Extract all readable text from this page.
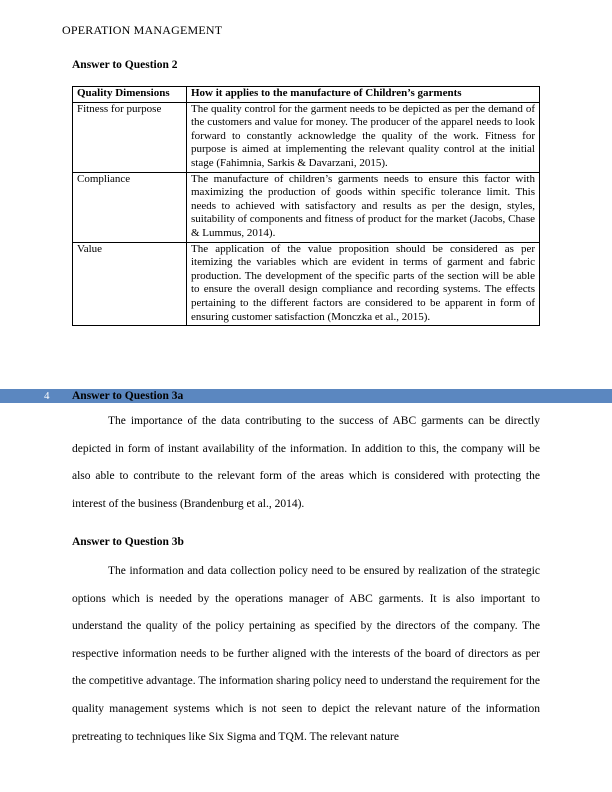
OPERATION MANAGEMENT
Answer to Question 2
Quality Dimensions	How it applies to the manufacture of Children’s garments
Fitness for purpose	The quality control for the garment needs to be depicted as per the demand of the customers and value for money. The producer of the apparel needs to look forward to constantly acknowledge the quality of the work. Fitness for purpose is aimed at implementing the relevant quality control at the initial stage (Fahimnia, Sarkis & Davarzani, 2015).
Compliance	The manufacture of children’s garments needs to ensure this factor with maximizing the production of goods within specific tolerance limit. This needs to achieved with satisfactory and results as per the design, styles, suitability of components and fitness of product for the market (Jacobs, Chase & Lummus, 2014).
Value	The application of the value proposition should be considered as per itemizing the variables which are evident in terms of garment and fabric production. The development of the specific parts of the section will be able to ensure the overall design compliance and recording systems. The effects pertaining to the different factors are considered to be apparent in form of ensuring customer satisfaction (Monczka et al., 2015).
4 Answer to Question 3a

The importance of the data contributing to the success of ABC garments can be directly depicted in form of instant availability of the information. In addition to this, the company will be also able to contribute to the relevant form of the areas which is considered with protecting the interest of the business (Brandenburg et al., 2014).

Answer to Question 3b

The information and data collection policy need to be ensured by realization of the strategic options which is needed by the operations manager of ABC garments. It is also important to understand the quality of the policy pertaining as specified by the directors of the company. The respective information needs to be further aligned with the interests of the board of directors as per the competitive advantage. The information sharing policy need to understand the requirement for the quality management systems which is not seen to depict the relevant nature of the information pretreating to techniques like Six Sigma and TQM. The relevant nature
